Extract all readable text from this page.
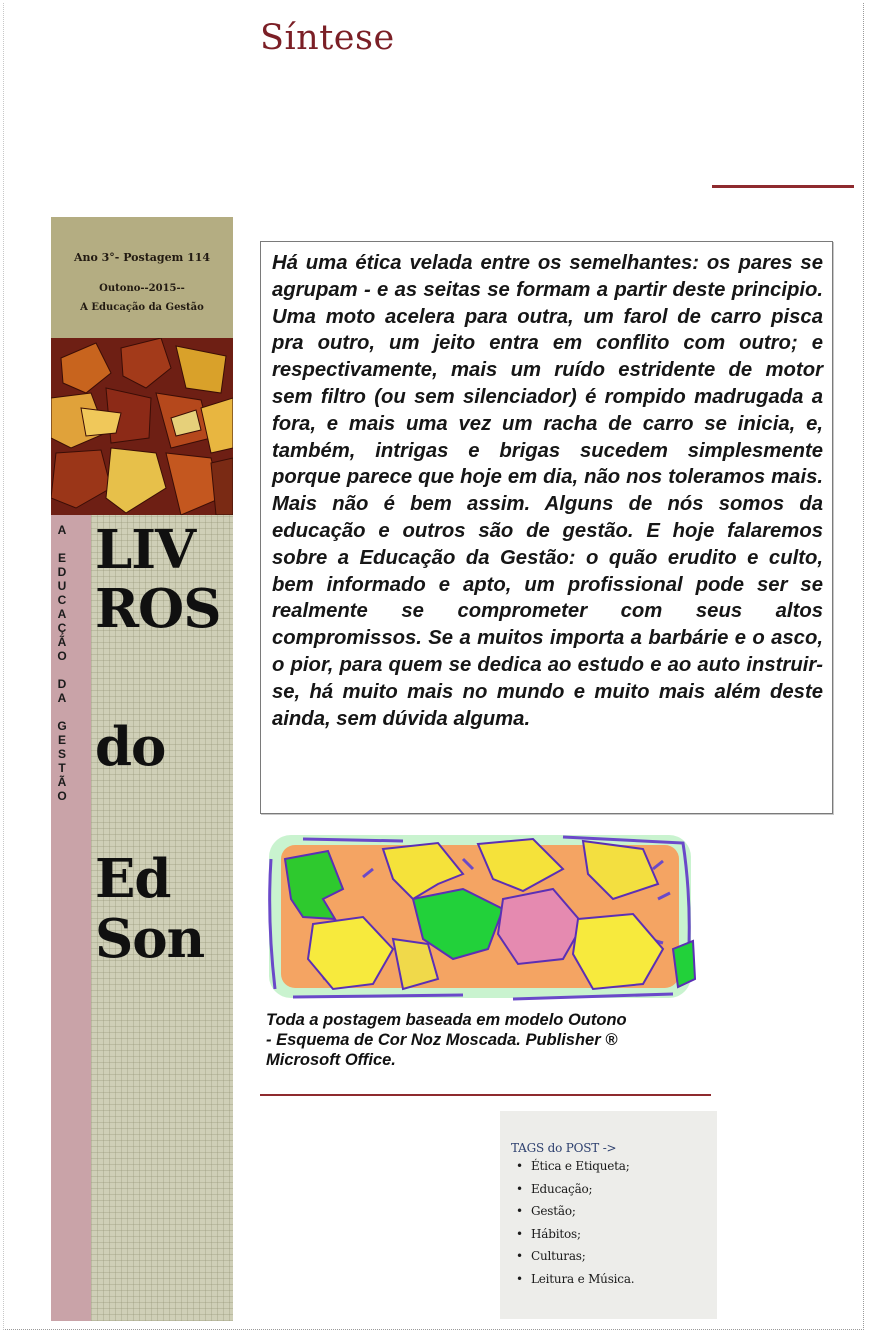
Síntese
Ano 3°- Postagem 114
Outono--2015--
A Educação da Gestão
A

E
D
U
C
A
Ç
Ã
O

D
A

G
E
S
T
Ã
O
LIV
ROS
do
Ed
Son

Há uma ética velada entre os semelhantes: os pares se agrupam - e as seitas se formam a partir deste principio. Uma moto acelera para outra, um farol de carro pisca pra outro, um jeito entra em conflito com outro; e respectivamente, mais um ruído estridente de motor sem filtro (ou sem silenciador) é rompido madrugada a fora, e mais uma vez um racha de carro se inicia, e, também, intrigas e brigas sucedem simplesmente porque parece que hoje em dia, não nos toleramos mais. Mais não é bem assim. Alguns de nós somos da educação e outros são de gestão. E hoje falaremos sobre a Educação da Gestão: o quão erudito e culto, bem informado e apto, um profissional pode ser se realmente se comprometer com seus altos compromissos. Se a muitos importa a barbárie e o asco, o pior, para quem se dedica ao estudo e ao auto instruir-se, há muito mais no mundo e muito mais além deste ainda, sem dúvida alguma.

Toda a postagem baseada em modelo Outono
- Esquema de Cor Noz Moscada. Publisher ®
Microsoft Office.

TAGS do POST ->
• Ética e Etiqueta;
• Educação;
• Gestão;
• Hábitos;
• Culturas;
• Leitura e Música.
